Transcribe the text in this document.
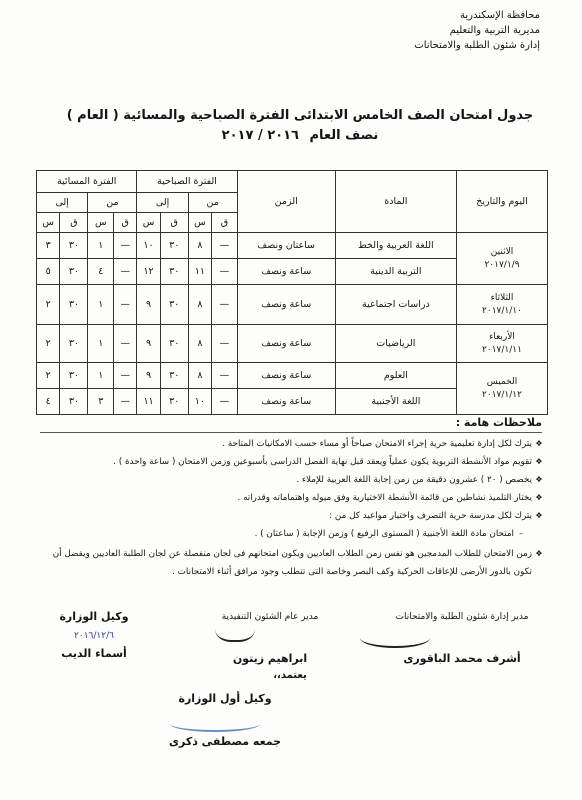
محافظة الإسكندرية
مديرية التربية والتعليم
إدارة شئون الطلبة والامتحانات
جدول امتحان الصف الخامس الابتدائى الفترة الصباحية والمسائية ( العام )
نصف العام ٢٠١٦ / ٢٠١٧
اليوم والتاريخ	المادة	الزمن	الفترة الصباحية				الفترة المسائية			
			من		إلى		من		إلى	
			ق	س	ق	س	ق	س	ق	س

الاثنين
٢٠١٧/١/٩	اللغة العربية والخط	ساعتان ونصف	—	٨	٣٠	١٠	—	١	٣٠	٣
	التربية الدينية	ساعة ونصف	—	١١	٣٠	١٢	—	٤	٣٠	٥

الثلاثاء
٢٠١٧/١/١٠	دراسات اجتماعية	ساعة ونصف	—	٨	٣٠	٩	—	١	٣٠	٢

الأربعاء
٢٠١٧/١/١١	الرياضيات	ساعة ونصف	—	٨	٣٠	٩	—	١	٣٠	٢

الخميس
٢٠١٧/١/١٢	العلوم	ساعة ونصف	—	٨	٣٠	٩	—	١	٣٠	٢
	اللغة الأجنبية	ساعة ونصف	—	١٠	٣٠	١١	—	٣	٣٠	٤
ملاحظات هامة :
❖يترك لكل إدارة تعليمية حرية إجراء الامتحان صباحاً أو مساء حسب الامكانيات المتاحة .
❖تقويم مواد الأنشطة التربوية يكون عملياً ويعقد قبل نهاية الفصل الدراسى بأسبوعين وزمن الامتحان ( ساعة واحدة ) .
❖يخصص ( ٢٠ ) عشرون دقيقة من زمن إجابة اللغة العربية للإملاء .
❖يختار التلميذ نشاطين من قائمة الأنشطة الاختيارية وفق ميوله واهتماماته وقدراته .
❖يترك لكل مدرسة حرية التصرف واختيار مواعيد كل من :
–امتحان مادة اللغة الأجنبية ( المستوى الرفيع ) وزمن الإجابة ( ساعتان ) .
❖زمن الامتحان للطلاب المدمجين هو نفس زمن الطلاب العاديين ويكون امتحانهم فى لجان منفصلة عن لجان الطلبة العاديين ويفضل أن
تكون بالدور الأرضى للإعاقات الحركية وكف البصر وخاصة التى تتطلب وجود مرافق أثناء الامتحانات .
مدير إدارة شئون الطلبة والامتحانات
أشرف محمد الباقورى
مدير عام الشئون التنفيذية
ابراهيم زيتون
وكيل الوزارة
٢٠١٦/١٢/٦
أسماء الديب
يعتمد،،
وكيل أول الوزارة
جمعه مصطفى ذكرى
